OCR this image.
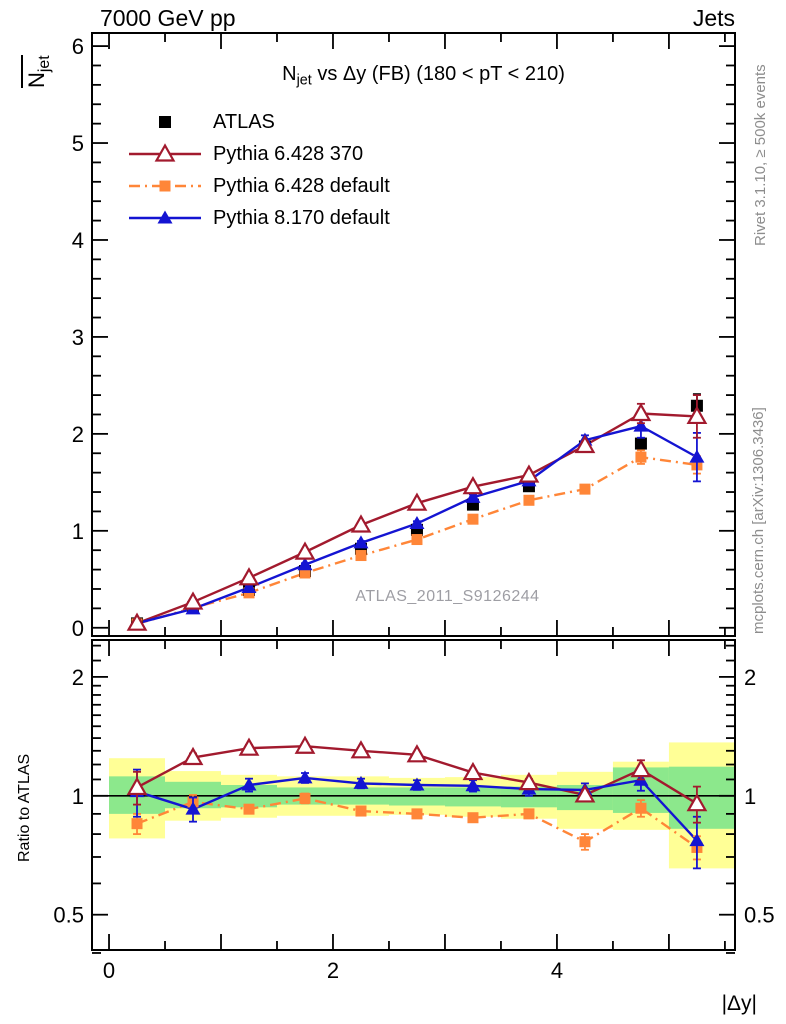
0
1
2
3
4
5
6
0.5	0.5
1	1
2	2
0	2	4
7000 GeV pp	Jets
$N_{jet}$ vs Δy (FB) (180 < pT < 210)
$N_{jet}$
ATLAS
Pythia 6.428 370
Pythia 6.428 default
Pythia 8.170 default
ATLAS_2011_S9126244
Rivet 3.1.10, ≥ 500k events
mcplots.cern.ch [arXiv:1306.3436]
Ratio to ATLAS
|Δy|
